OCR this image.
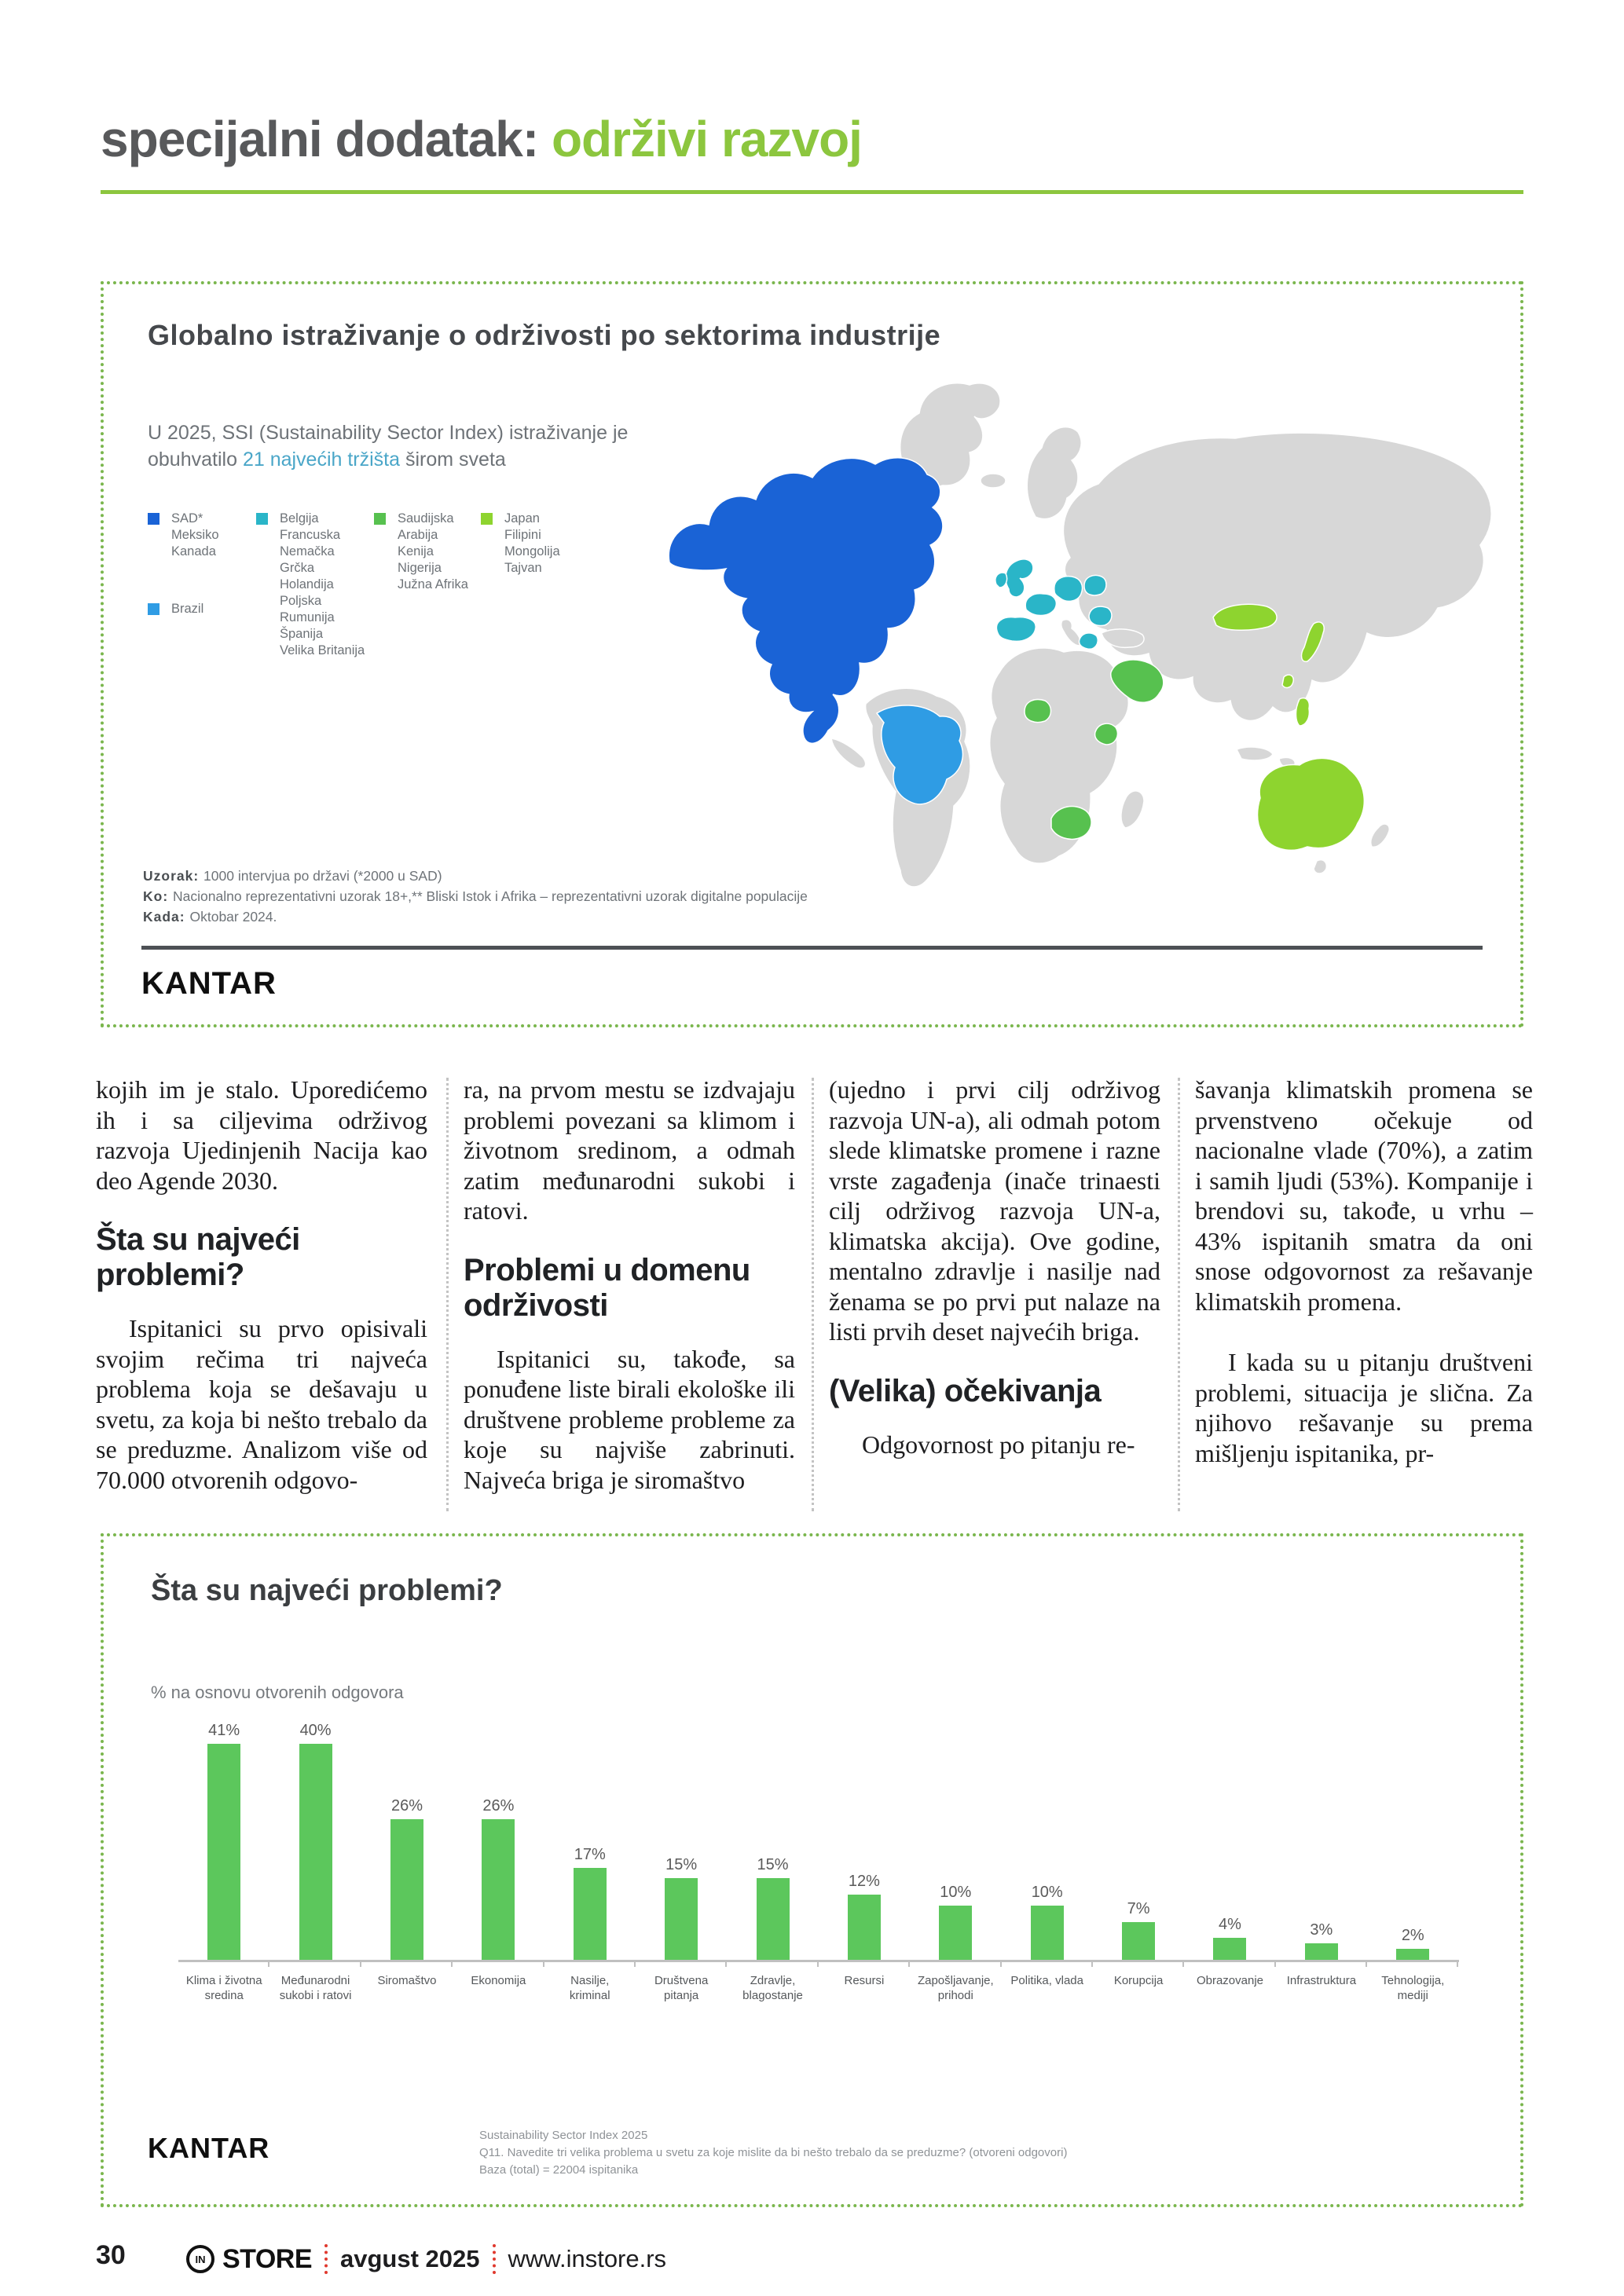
specijalni dodatak: održivi razvoj
Globalno istraživanje o održivosti po sektorima industrije
U 2025, SSI (Sustainability Sector Index) istraživanje je
obuhvatilo 21 najvećih tržišta širom sveta
SAD*
Meksiko
Kanada
Brazil
Belgija
Francuska
Nemačka
Grčka
Holandija
Poljska
Rumunija
Španija
Velika Britanija
Saudijska Arabija
Kenija
Nigerija
Južna Afrika
Japan
Filipini
Mongolija
Tajvan
Uzorak: 1000 intervjua po državi (*2000 u SAD)
Ko: Nacionalno reprezentativni uzorak 18+,** Bliski Istok i Afrika – reprezentativni uzorak digitalne populacije
Kada: Oktobar 2024.
KANTAR

kojih im je stalo. Uporedićemo ih i sa ciljevima održivog razvoja Ujedinjenih Nacija kao deo Agende 2030.

Šta su najveći problemi?

Ispitanici su prvo opisivali svojim rečima tri najveća problema koja se dešavaju u svetu, za koja bi nešto trebalo da se preduzme. Analizom više od 70.000 otvorenih odgovo-

ra, na prvom mestu se izdvajaju problemi povezani sa klimom i životnom sredinom, a odmah zatim međunarodni sukobi i ratovi.

Problemi u domenu održivosti

Ispitanici su, takođe, sa ponuđene liste birali ekološke ili društvene probleme probleme za koje su najviše zabrinuti. Najveća briga je siromaštvo

(ujedno i prvi cilj održivog razvoja UN-a), ali odmah potom slede klimatske promene i razne vrste zagađenja (inače trinaesti cilj održivog razvoja UN-a, klimatska akcija). Ove godine, mentalno zdravlje i nasilje nad ženama se po prvi put nalaze na listi prvih deset najvećih briga.

(Velika) očekivanja

Odgovornost po pitanju re-

šavanja klimatskih promena se prvenstveno očekuje od nacionalne vlade (70%), a zatim i samih ljudi (53%). Kompanije i brendovi su, takođe, u vrhu – 43% ispitanih smatra da oni snose odgovornost za rešavanje klimatskih promena.

I kada su u pitanju društveni problemi, situacija je slična. Za njihovo rešavanje su prema mišljenju ispitanika, pr-

Šta su najveći problemi?
% na osnovu otvorenih odgovora
41%	40%
26%	26%
17%
15%	15%
12%
10%	10%
7%
4%	3%	2%
Klima i životna sredina
Međunarodni sukobi i ratovi
Siromaštvo	Ekonomija	Nasilje, kriminal
Društvena pitanja
Zdravlje, blagostanje
Resursi	Zapošljavanje, prihodi
Politika, vlada	Korupcija	Obrazovanje	Infrastruktura	Tehnologija, mediji
KANTAR	Sustainability Sector Index 2025
Q11. Navedite tri velika problema u svetu za koje mislite da bi nešto trebalo da se preduzme? (otvoreni odgovori)
Baza (total) = 22004 ispitanika
30	IN STORE avgust 2025 www.instore.rs
